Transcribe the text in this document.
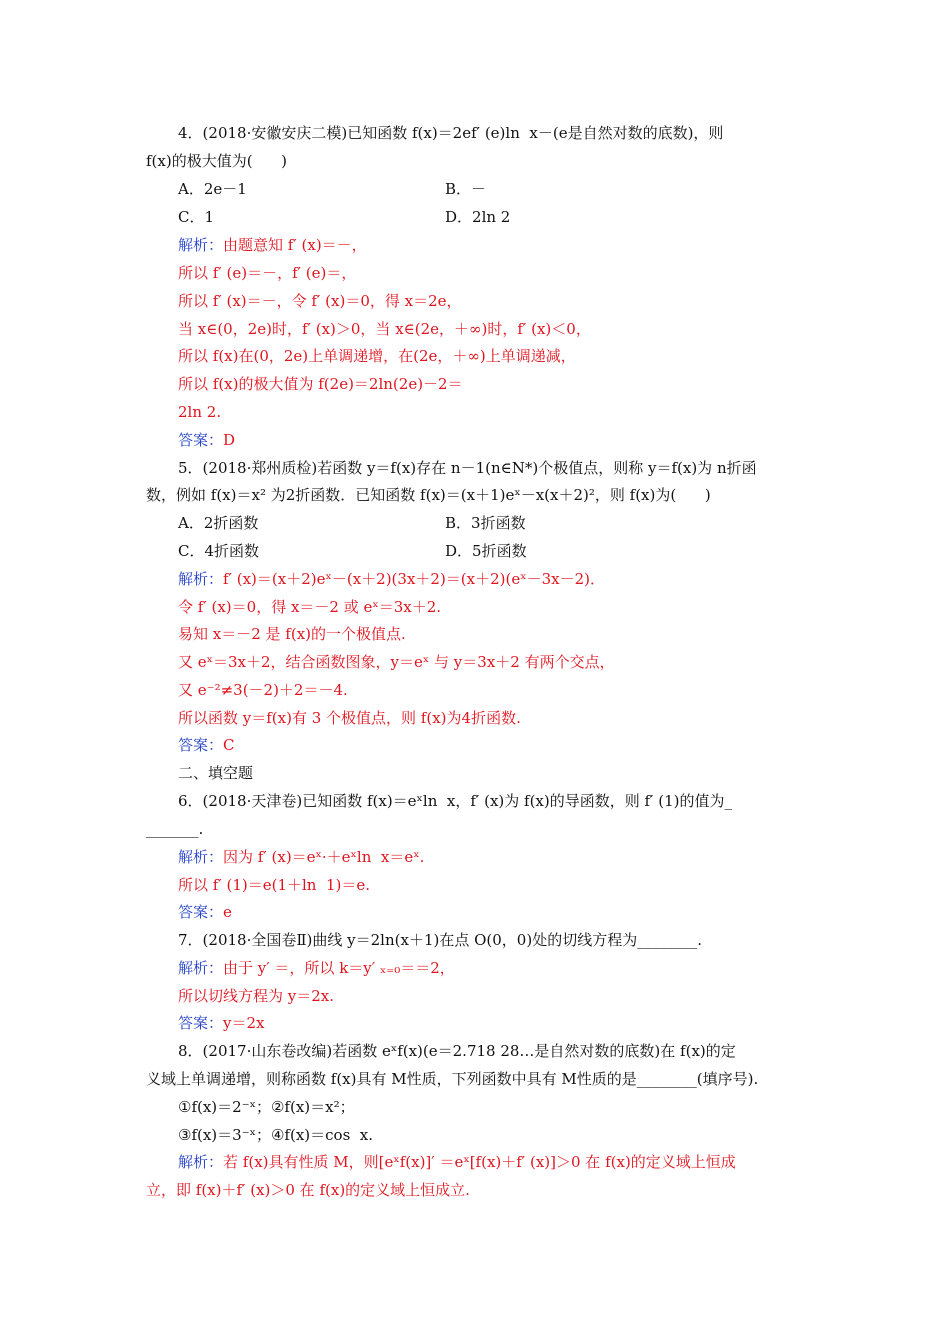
4．(2018·安徽安庆二模)已知函数 f(x)＝2ef′ (e)ln  x－(e是自然对数的底数)，则
f(x)的极大值为(      )
A．2e－1	B．－
C．1	D．2ln 2
解析：由题意知 f′ (x)＝－，
所以 f′ (e)＝－，f′ (e)＝，
所以 f′ (x)＝－，令 f′ (x)＝0，得 x＝2e，
当 x∈(0，2e)时，f′ (x)＞0，当 x∈(2e，＋∞)时，f′ (x)＜0，
所以 f(x)在(0，2e)上单调递增，在(2e，＋∞)上单调递减，
所以 f(x)的极大值为 f(2e)＝2ln(2e)－2＝
2ln 2.
答案：D
5．(2018·郑州质检)若函数 y＝f(x)存在 n－1(n∈N*)个极值点，则称 y＝f(x)为 n折函
数，例如 f(x)＝x² 为2折函数．已知函数 f(x)＝(x＋1)eˣ－x(x＋2)²，则 f(x)为(      )
A．2折函数	B．3折函数
C．4折函数	D．5折函数
解析：f′ (x)＝(x＋2)eˣ－(x＋2)(3x＋2)＝(x＋2)(eˣ－3x－2)．
令 f′ (x)＝0，得 x＝－2 或 eˣ＝3x＋2.
易知 x＝－2 是 f(x)的一个极值点.
又 eˣ＝3x＋2，结合函数图象，y＝eˣ 与 y＝3x＋2 有两个交点，
又 e⁻²≠3(－2)＋2＝－4.
所以函数 y＝f(x)有 3 个极值点，则 f(x)为4折函数.
答案：C
二、填空题
6．(2018·天津卷)已知函数 f(x)＝eˣln  x，f′ (x)为 f(x)的导函数，则 f′ (1)的值为_
_______.
解析：因为 f′ (x)＝eˣ·＋eˣln  x＝eˣ.
所以 f′ (1)＝e(1＋ln  1)＝e.
答案：e
7．(2018·全国卷Ⅱ)曲线 y＝2ln(x＋1)在点 O(0，0)处的切线方程为________.
解析：由于 y′ ＝，所以 k＝y′ ₓ₌₀＝＝2，
所以切线方程为 y＝2x.
答案：y＝2x
8．(2017·山东卷改编)若函数 eˣf(x)(e＝2.718 28…是自然对数的底数)在 f(x)的定
义域上单调递增，则称函数 f(x)具有 M性质，下列函数中具有 M性质的是________(填序号).
①f(x)＝2⁻ˣ；②f(x)＝x²；
③f(x)＝3⁻ˣ；④f(x)＝cos  x.
解析：若 f(x)具有性质 M，则[eˣf(x)]′ ＝eˣ[f(x)＋f′ (x)]＞0 在 f(x)的定义域上恒成
立，即 f(x)＋f′ (x)＞0 在 f(x)的定义域上恒成立.
